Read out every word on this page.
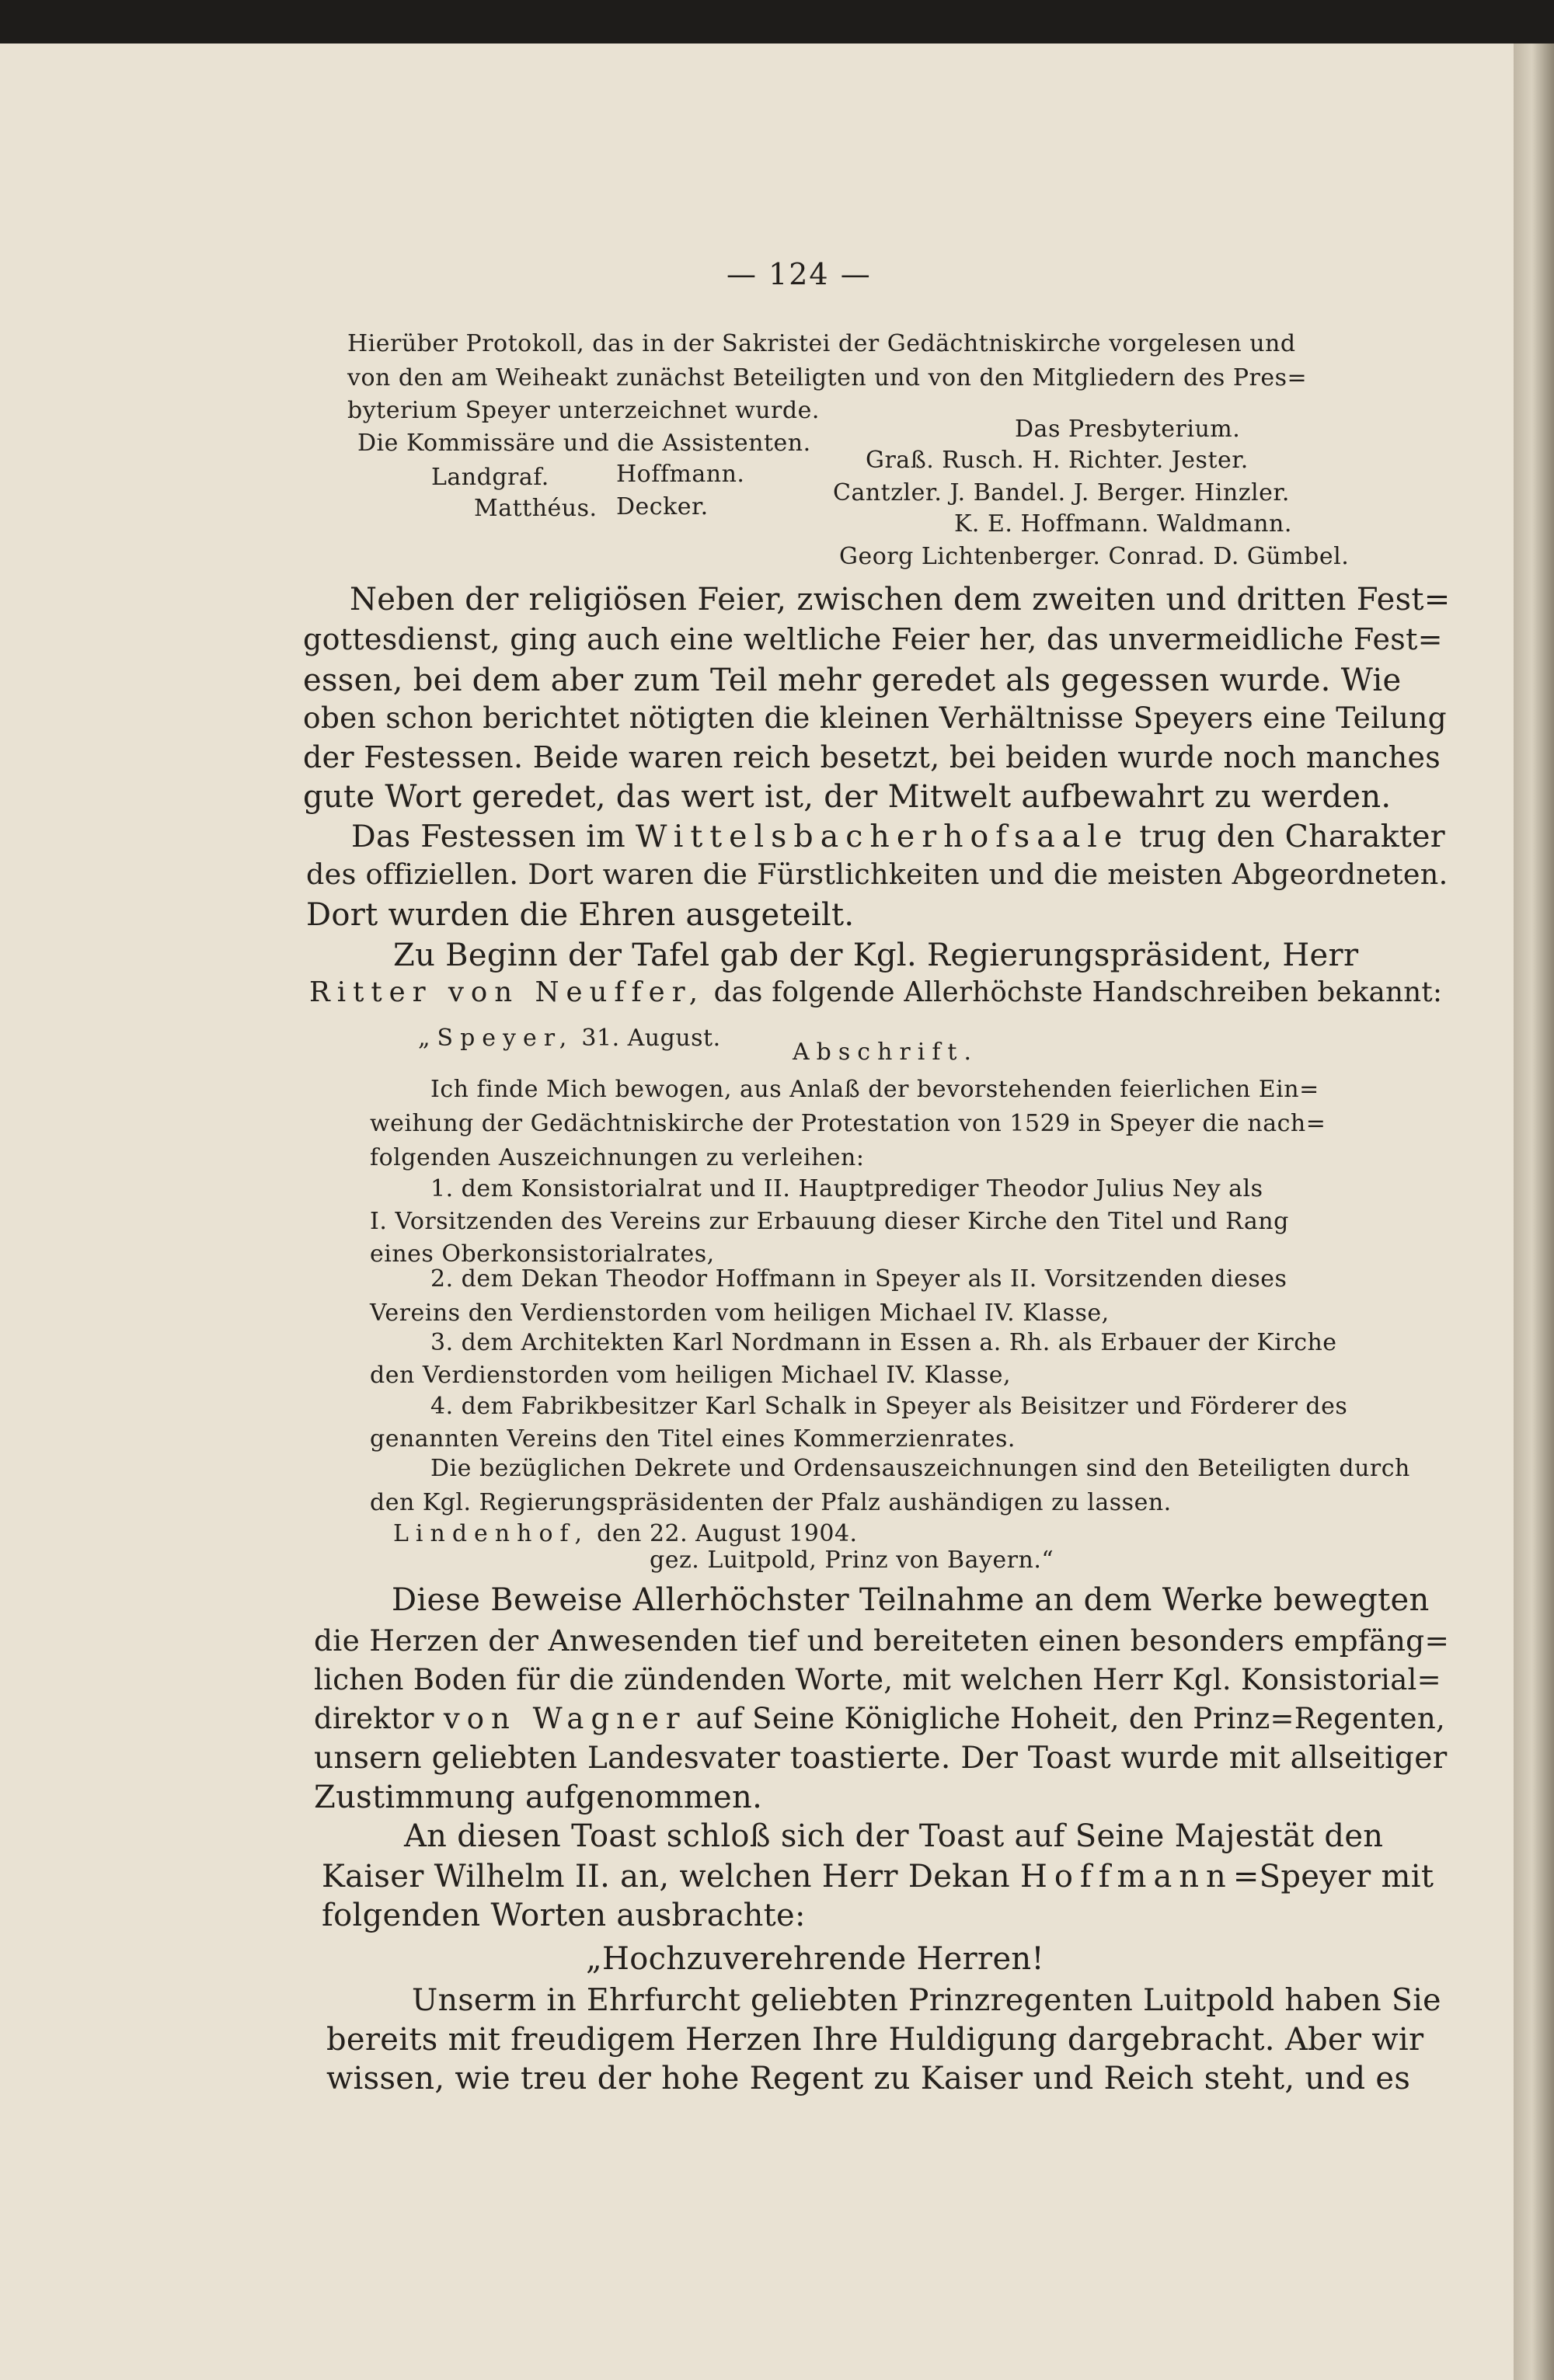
— 124 —
Hierüber Protokoll, das in der Sakristei der Gedächtniskirche vorgelesen und
von den am Weiheakt zunächst Beteiligten und von den Mitgliedern des Pres=
byterium Speyer unterzeichnet wurde.
Die Kommissäre und die Assistenten.
Das Presbyterium.
Landgraf.	Hoffmann.
Matthéus. Decker.
Graß. Rusch. H. Richter. Jester.
Cantzler. J. Bandel. J. Berger. Hinzler.
K. E. Hoffmann. Waldmann.
Georg Lichtenberger. Conrad. D. Gümbel.
Neben der religiösen Feier, zwischen dem zweiten und dritten Fest=
gottesdienst, ging auch eine weltliche Feier her, das unvermeidliche Fest=
essen, bei dem aber zum Teil mehr geredet als gegessen wurde. Wie
oben schon berichtet nötigten die kleinen Verhältnisse Speyers eine Teilung
der Festessen. Beide waren reich besetzt, bei beiden wurde noch manches
gute Wort geredet, das wert ist, der Mitwelt aufbewahrt zu werden.
Das Festessen im Wittelsbacherhofsaale trug den Charakter
des offiziellen. Dort waren die Fürstlichkeiten und die meisten Abgeordneten.
Dort wurden die Ehren ausgeteilt.
Zu Beginn der Tafel gab der Kgl. Regierungspräsident, Herr
Ritter von Neuffer, das folgende Allerhöchste Handschreiben bekannt:
„Speyer, 31. August.
Abschrift.
Ich finde Mich bewogen, aus Anlaß der bevorstehenden feierlichen Ein=
weihung der Gedächtniskirche der Protestation von 1529 in Speyer die nach=
folgenden Auszeichnungen zu verleihen:
1. dem Konsistorialrat und II. Hauptprediger Theodor Julius Ney als
I. Vorsitzenden des Vereins zur Erbauung dieser Kirche den Titel und Rang
eines Oberkonsistorialrates,
2. dem Dekan Theodor Hoffmann in Speyer als II. Vorsitzenden dieses
Vereins den Verdienstorden vom heiligen Michael IV. Klasse,
3. dem Architekten Karl Nordmann in Essen a. Rh. als Erbauer der Kirche
den Verdienstorden vom heiligen Michael IV. Klasse,
4. dem Fabrikbesitzer Karl Schalk in Speyer als Beisitzer und Förderer des
genannten Vereins den Titel eines Kommerzienrates.
Die bezüglichen Dekrete und Ordensauszeichnungen sind den Beteiligten durch
den Kgl. Regierungspräsidenten der Pfalz aushändigen zu lassen.
Lindenhof, den 22. August 1904.
gez. Luitpold, Prinz von Bayern.“
Diese Beweise Allerhöchster Teilnahme an dem Werke bewegten
die Herzen der Anwesenden tief und bereiteten einen besonders empfäng=
lichen Boden für die zündenden Worte, mit welchen Herr Kgl. Konsistorial=
direktor von Wagner auf Seine Königliche Hoheit, den Prinz=Regenten,
unsern geliebten Landesvater toastierte. Der Toast wurde mit allseitiger
Zustimmung aufgenommen.
An diesen Toast schloß sich der Toast auf Seine Majestät den
Kaiser Wilhelm II. an, welchen Herr Dekan Hoffmann=Speyer mit
folgenden Worten ausbrachte:
„Hochzuverehrende Herren!
Unserm in Ehrfurcht geliebten Prinzregenten Luitpold haben Sie
bereits mit freudigem Herzen Ihre Huldigung dargebracht. Aber wir
wissen, wie treu der hohe Regent zu Kaiser und Reich steht, und es
